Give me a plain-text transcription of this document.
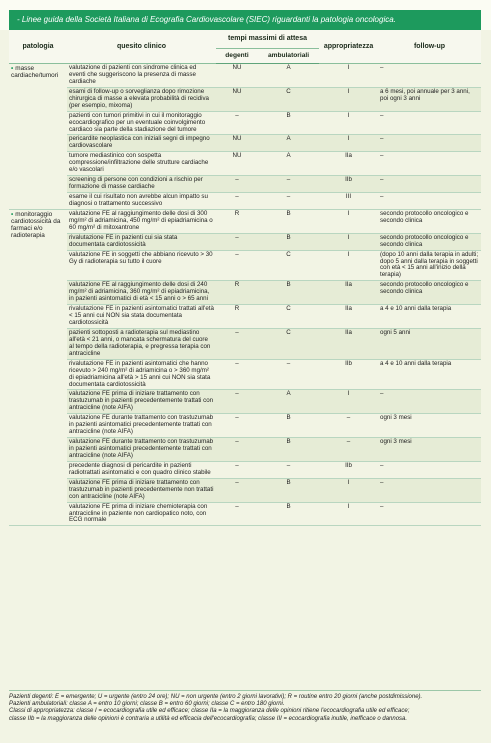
- Linee guida della Società Italiana di Ecografia Cardiovascolare (SIEC) riguardanti la patologia oncologica.
patologia	quesito clinico	tempi massimi di attesa		appropriatezza	follow-up
		degenti	ambulatoriali		
• masse cardiache/tumori	valutazione di pazienti con sindrome clinica ed eventi che suggeriscono la presenza di masse cardiache	NU	A	I	–
	esami di follow-up o sorveglianza dopo rimozione chirurgica di masse a elevata probabilità di recidiva (per esempio, mixoma)	NU	C	I	a 6 mesi, poi annuale per 3 anni, poi ogni 3 anni
	pazienti con tumori primitivi in cui il monitoraggio ecocardiografico per un eventuale coinvolgimento cardiaco sia parte della stadiazione del tumore	–	B	I	–
	pericardite neoplastica con iniziali segni di impegno cardiovascolare	NU	A	I	–
	tumore mediastinico con sospetta compressione/infiltrazione delle strutture cardiache e/o vascolari	NU	A	IIa	–
	screening di persone con condizioni a rischio per formazione di masse cardiache	–	–	IIb	–
	esame il cui risultato non avrebbe alcun impatto su diagnosi o trattamento successivo	–	–	III	–
• monitoraggio cardiotossicità da farmaci e/o radioterapia	valutazione FE al raggiungimento delle dosi di 300 mg/m² di adriamicina, 450 mg/m² di epiadriamicina o 60 mg/m² di mitoxantrone	R	B	I	secondo protocollo oncologico e secondo clinica
	rivalutazione FE in pazienti cui sia stata documentata cardiotossicità	–	B	I	secondo protocollo oncologico e secondo clinica
	valutazione FE in soggetti che abbiano ricevuto > 30 Gy di radioterapia su tutto il cuore	–	C	I	(dopo 10 anni dalla terapia in adulti; dopo 5 anni dalla terapia in soggetti con età < 15 anni all'inizio della terapia)
	valutazione FE al raggiungimento delle dosi di 240 mg/m² di adriamicina, 360 mg/m² di epiadriamicina, in pazienti asintomatici di età < 15 anni o > 65 anni	R	B	IIa	secondo protocollo oncologico e secondo clinica
	rivalutazione FE in pazienti asintomatici trattati all'età < 15 anni cui NON sia stata documentata cardiotossicità	R	C	IIa	a 4 e 10 anni dalla terapia
	pazienti sottoposti a radioterapia sul mediastino all'età < 21 anni, o mancata schermatura del cuore al tempo della radioterapia, e pregressa terapia con antracicline	–	C	IIa	ogni 5 anni
	rivalutazione FE in pazienti asintomatici che hanno ricevuto > 240 mg/m² di adriamicina o > 360 mg/m² di epiadriamicina all'età > 15 anni cui NON sia stata documentata cardiotossicità	–	–	IIb	a 4 e 10 anni dalla terapia
	valutazione FE prima di iniziare trattamento con trastuzumab in pazienti precedentemente trattati con antracicline (note AIFA)	–	A	I	–
	valutazione FE durante trattamento con trastuzumab in pazienti asintomatici precedentemente trattati con antracicline (note AIFA)	–	B	–	ogni 3 mesi
	valutazione FE durante trattamento con trastuzumab in pazienti asintomatici precedentemente trattati con antracicline (note AIFA)	–	B	–	ogni 3 mesi
	precedente diagnosi di pericardite in pazienti radiotrattati asintomatici e con quadro clinico stabile	–	–	IIb	–
	valutazione FE prima di iniziare trattamento con trastuzumab in pazienti precedentemente non trattati con antracicline (note AIFA)	–	B	I	–
	valutazione FE prima di iniziare chemioterapia con antracicline in paziente non cardiopatico noto, con ECG normale	–	B	I	–
Pazienti degenti: E = emergente; U = urgente (entro 24 ore); NU = non urgente (entro 2 giorni lavorativi); R = routine entro 20 giorni (anche postdimissione).
Pazienti ambulatoriali: classe A = entro 10 giorni; classe B = entro 60 giorni; classe C = entro 180 giorni.
Classi di appropriatezza: classe I = ecocardiografia utile ed efficace; classe IIa = la maggioranza delle opinioni ritiene l'ecocardiografia utile ed efficace;
classe IIb = la maggioranza delle opinioni è contraria a utilità ed efficacia dell'ecocardiografia; classe III = ecocardiografia inutile, inefficace o dannosa.
